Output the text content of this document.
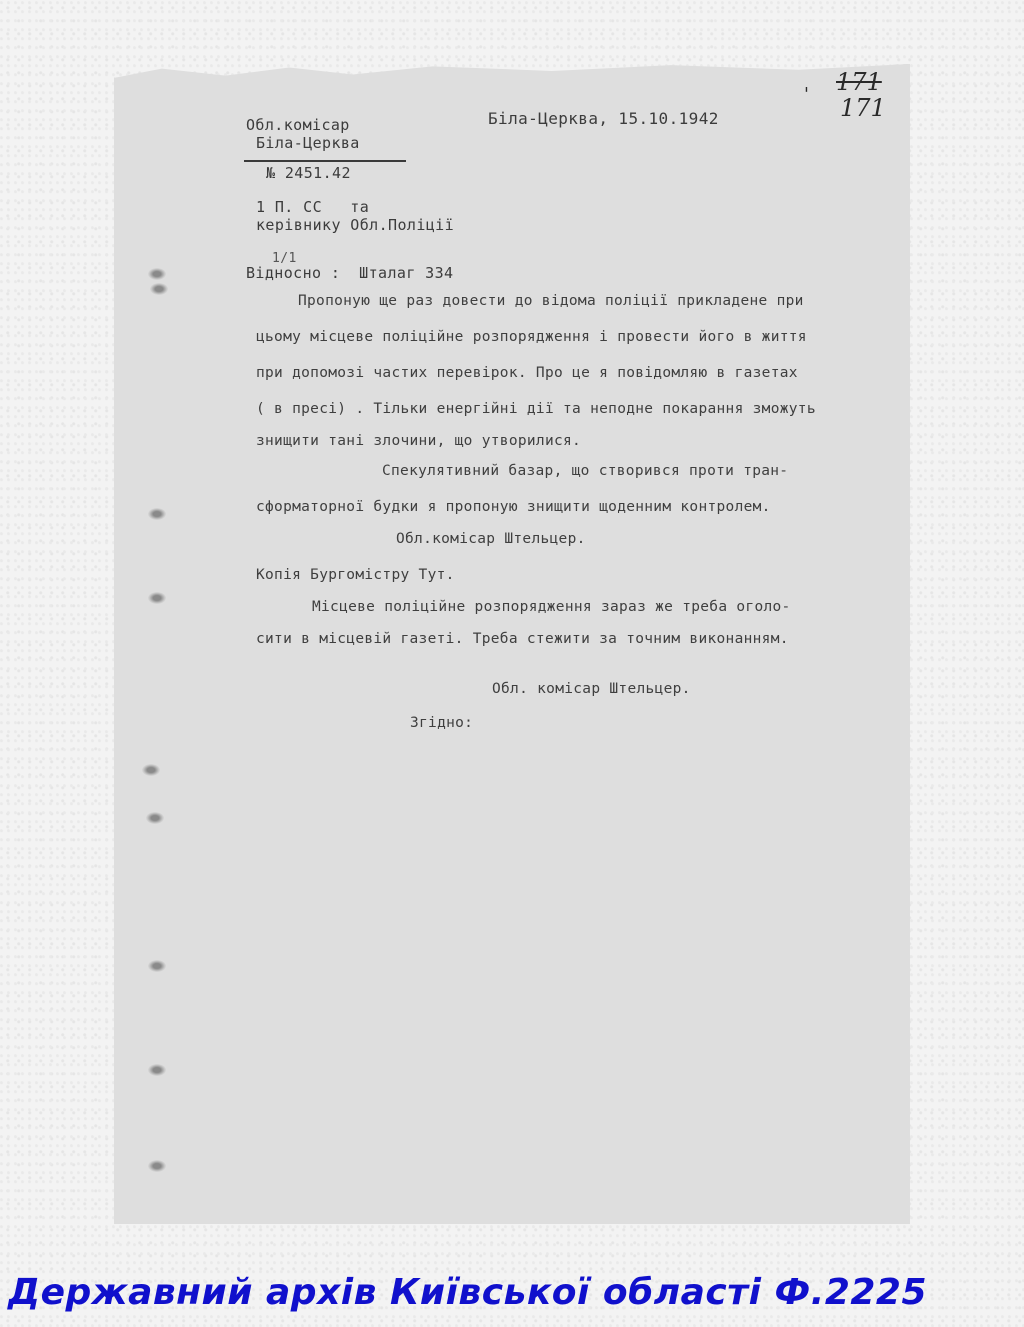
171
171
'
Обл.комісар
Біла-Церква
Біла-Церква, 15.10.1942
№ 2451.42
1 П. СС   та
керівнику Обл.Поліції
1/1
Відносно :  Шталаг 334
Пропоную ще раз довести до відома поліції прикладене при
цьому місцеве поліційне розпорядження і провести його в життя
при допомозі частих перевірок. Про це я повідомляю в газетах
( в пресі) . Тільки енергійні дії та неподне покарання зможуть
знищити тані злочини, що утворилися.
Спекулятивний базар, що створився проти тран-
сформаторної будки я пропоную знищити щоденним контролем.
Обл.комісар Штельцер.
Копія Бургомістру Тут.
Місцеве поліційне розпорядження зараз же треба оголо-
сити в місцевій газеті. Треба стежити за точним виконанням.
Обл. комісар Штельцер.
Згідно:
Державний архів Київської області Ф.2225
